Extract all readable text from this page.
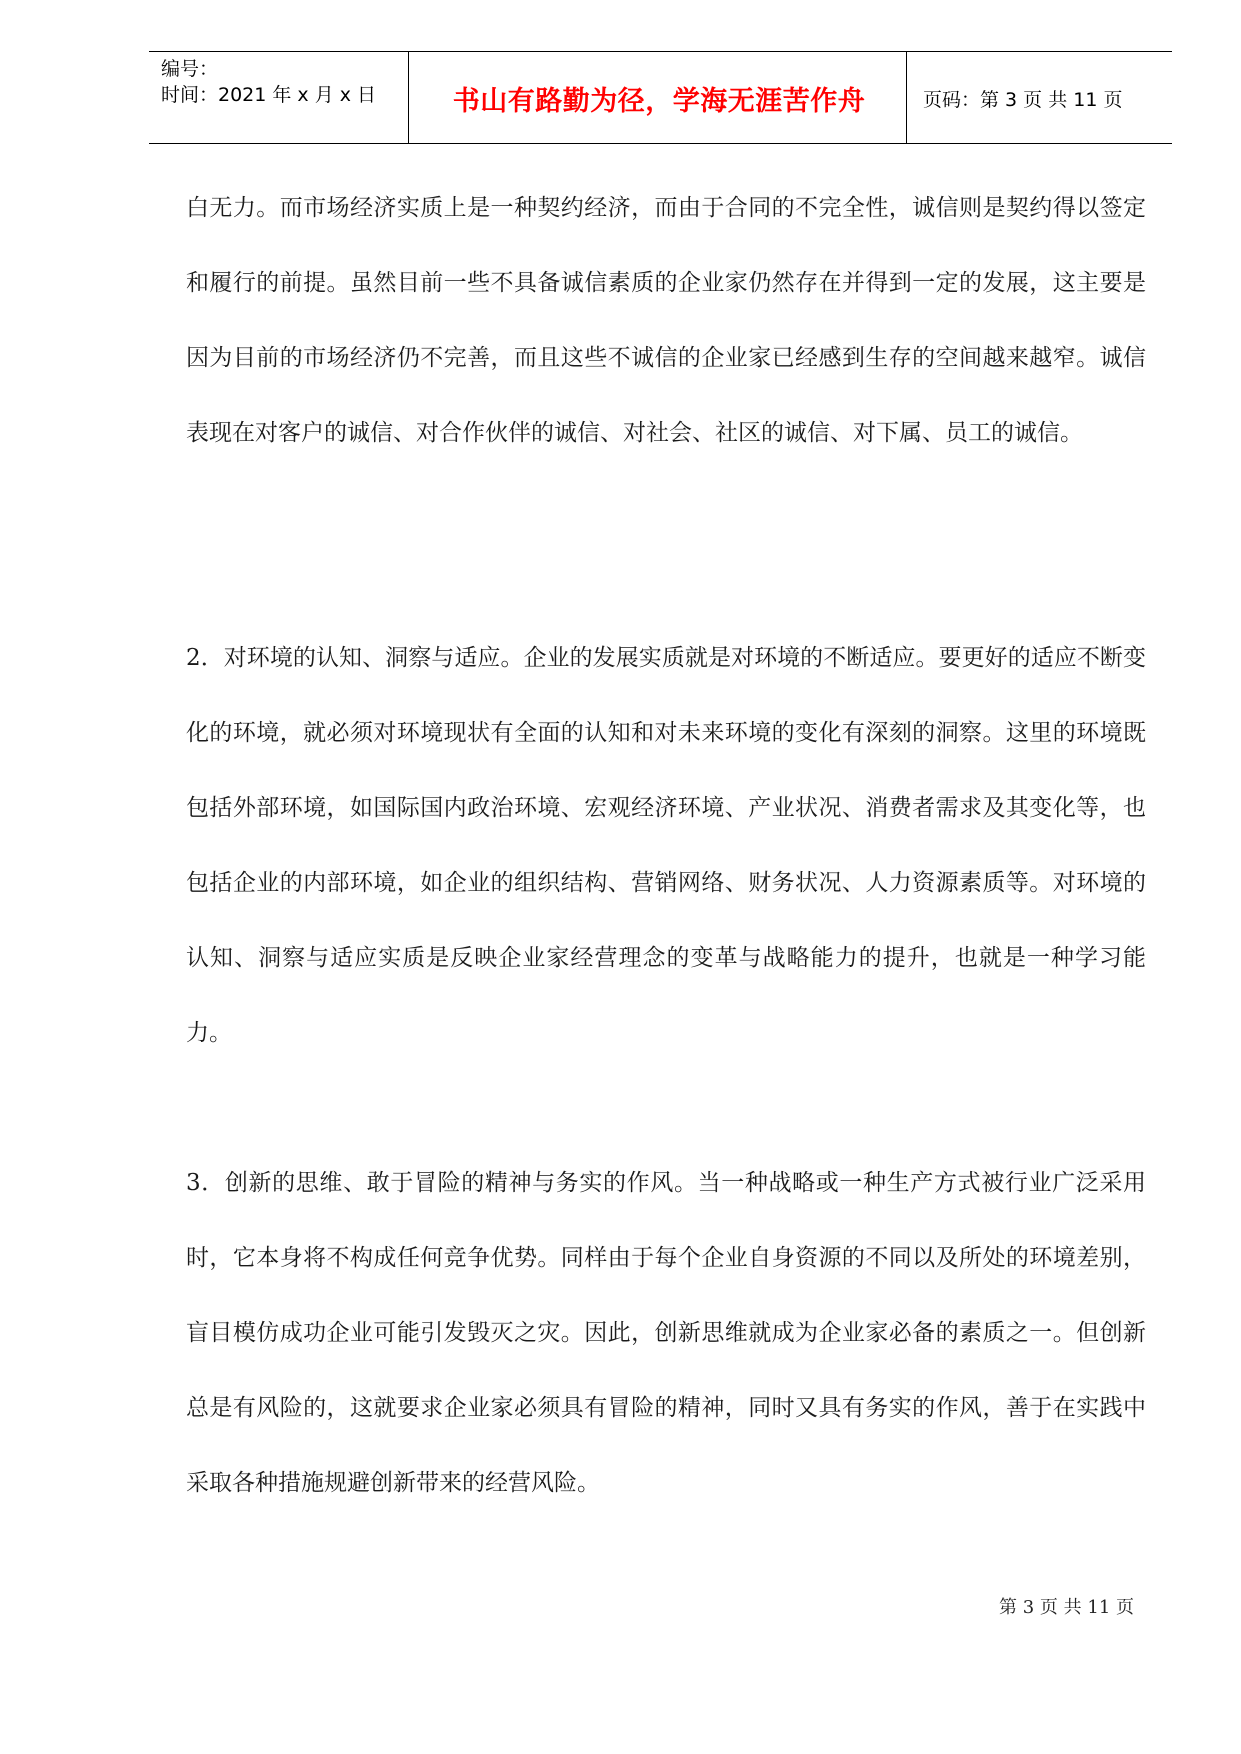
编号：
时间：2021 年 x 月 x 日	书山有路勤为径，学海无涯苦作舟	页码：第 3 页 共 11 页

白无力。而市场经济实质上是一种契约经济，而由于合同的不完全性，诚信则是契约得以签定和履行的前提。虽然目前一些不具备诚信素质的企业家仍然存在并得到一定的发展，这主要是因为目前的市场经济仍不完善，而且这些不诚信的企业家已经感到生存的空间越来越窄。诚信表现在对客户的诚信、对合作伙伴的诚信、对社会、社区的诚信、对下属、员工的诚信。

2．对环境的认知、洞察与适应。企业的发展实质就是对环境的不断适应。要更好的适应不断变化的环境，就必须对环境现状有全面的认知和对未来环境的变化有深刻的洞察。这里的环境既包括外部环境，如国际国内政治环境、宏观经济环境、产业状况、消费者需求及其变化等，也包括企业的内部环境，如企业的组织结构、营销网络、财务状况、人力资源素质等。对环境的认知、洞察与适应实质是反映企业家经营理念的变革与战略能力的提升，也就是一种学习能力。

3．创新的思维、敢于冒险的精神与务实的作风。当一种战略或一种生产方式被行业广泛采用时，它本身将不构成任何竞争优势。同样由于每个企业自身资源的不同以及所处的环境差别，盲目模仿成功企业可能引发毁灭之灾。因此，创新思维就成为企业家必备的素质之一。但创新总是有风险的，这就要求企业家必须具有冒险的精神，同时又具有务实的作风，善于在实践中采取各种措施规避创新带来的经营风险。

第 3 页 共 11 页
